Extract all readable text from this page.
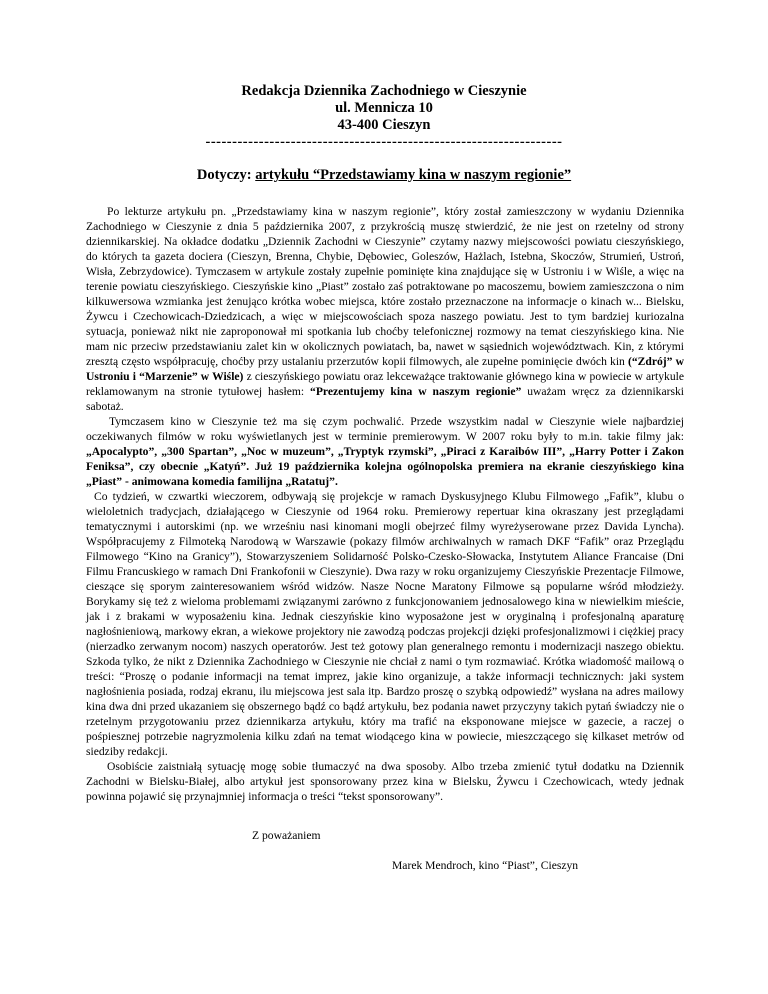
Redakcja Dziennika Zachodniego w Cieszynie
ul. Mennicza 10
43-400 Cieszyn
-------------------------------------------------------------------
Dotyczy: artykułu “Przedstawiamy kina w naszym regionie”

Po lekturze artykułu pn. „Przedstawiamy kina w naszym regionie”, który został zamieszczony w wydaniu Dziennika Zachodniego w Cieszynie z dnia 5 października 2007, z przykrością muszę stwierdzić, że nie jest on rzetelny od strony dziennikarskiej. Na okładce dodatku „Dziennik Zachodni w Cieszynie” czytamy nazwy miejscowości powiatu cieszyńskiego, do których ta gazeta dociera (Cieszyn, Brenna, Chybie, Dębowiec, Goleszów, Hażlach, Istebna, Skoczów, Strumień, Ustroń, Wisła, Zebrzydowice). Tymczasem w artykule zostały zupełnie pominięte kina znajdujące się w Ustroniu i w Wiśle, a więc na terenie powiatu cieszyńskiego. Cieszyńskie kino „Piast” zostało zaś potraktowane po macoszemu, bowiem zamieszczona o nim kilkuwersowa wzmianka jest żenująco krótka wobec miejsca, które zostało przeznaczone na informacje o kinach w... Bielsku, Żywcu i Czechowicach-Dziedzicach, a więc w miejscowościach spoza naszego powiatu. Jest to tym bardziej kuriozalna sytuacja, ponieważ nikt nie zaproponował mi spotkania lub choćby telefonicznej rozmowy na temat cieszyńskiego kina. Nie mam nic przeciw przedstawianiu zalet kin w okolicznych powiatach, ba, nawet w sąsiednich województwach. Kin, z którymi zresztą często współpracuję, choćby przy ustalaniu przerzutów kopii filmowych, ale zupełne pominięcie dwóch kin (“Zdrój” w Ustroniu i “Marzenie” w Wiśle) z cieszyńskiego powiatu oraz lekceważące traktowanie głównego kina w powiecie w artykule reklamowanym na stronie tytułowej hasłem: “Prezentujemy kina w naszym regionie” uważam wręcz za dziennikarski sabotaż.

Tymczasem kino w Cieszynie też ma się czym pochwalić. Przede wszystkim nadal w Cieszynie wiele najbardziej oczekiwanych filmów w roku wyświetlanych jest w terminie premierowym. W 2007 roku były to m.in. takie filmy jak: „Apocalypto”, „300 Spartan”, „Noc w muzeum”, „Tryptyk rzymski”, „Piraci z Karaibów III”, „Harry Potter i Zakon Feniksa”, czy obecnie „Katyń”. Już 19 października kolejna ogólnopolska premiera na ekranie cieszyńskiego kina „Piast” - animowana komedia familijna „Ratatuj”.

Co tydzień, w czwartki wieczorem, odbywają się projekcje w ramach Dyskusyjnego Klubu Filmowego „Fafik”, klubu o wieloletnich tradycjach, działającego w Cieszynie od 1964 roku. Premierowy repertuar kina okraszany jest przeglądami tematycznymi i autorskimi (np. we wrześniu nasi kinomani mogli obejrzeć filmy wyreżyserowane przez Davida Lyncha). Współpracujemy z Filmoteką Narodową w Warszawie (pokazy filmów archiwalnych w ramach DKF “Fafik” oraz Przeglądu Filmowego “Kino na Granicy”), Stowarzyszeniem Solidarność Polsko-Czesko-Słowacka, Instytutem Aliance Francaise (Dni Filmu Francuskiego w ramach Dni Frankofonii w Cieszynie). Dwa razy w roku organizujemy Cieszyńskie Prezentacje Filmowe, cieszące się sporym zainteresowaniem wśród widzów. Nasze Nocne Maratony Filmowe są popularne wśród młodzieży. Borykamy się też z wieloma problemami związanymi zarówno z funkcjonowaniem jednosalowego kina w niewielkim mieście, jak i z brakami w wyposażeniu kina. Jednak cieszyńskie kino wyposażone jest w oryginalną i profesjonalną aparaturę nagłośnieniową, markowy ekran, a wiekowe projektory nie zawodzą podczas projekcji dzięki profesjonalizmowi i ciężkiej pracy (nierzadko zerwanym nocom) naszych operatorów. Jest też gotowy plan generalnego remontu i modernizacji naszego obiektu. Szkoda tylko, że nikt z Dziennika Zachodniego w Cieszynie nie chciał z nami o tym rozmawiać. Krótka wiadomość mailową o treści: “Proszę o podanie informacji na temat imprez, jakie kino organizuje, a także informacji technicznych: jaki system nagłośnienia posiada, rodzaj ekranu, ilu miejscowa jest sala itp. Bardzo proszę o szybką odpowiedź” wysłana na adres mailowy kina dwa dni przed ukazaniem się obszernego bądź co bądź artykułu, bez podania nawet przyczyny takich pytań świadczy nie o rzetelnym przygotowaniu przez dziennikarza artykułu, który ma trafić na eksponowane miejsce w gazecie, a raczej o pośpiesznej potrzebie nagryzmolenia kilku zdań na temat wiodącego kina w powiecie, mieszczącego się kilkaset metrów od siedziby redakcji.

Osobiście zaistniałą sytuację mogę sobie tłumaczyć na dwa sposoby. Albo trzeba zmienić tytuł dodatku na Dziennik Zachodni w Bielsku-Białej, albo artykuł jest sponsorowany przez kina w Bielsku, Żywcu i Czechowicach, wtedy jednak powinna pojawić się przynajmniej informacja o treści “tekst sponsorowany”.

Z poważaniem
Marek Mendroch, kino “Piast”, Cieszyn
